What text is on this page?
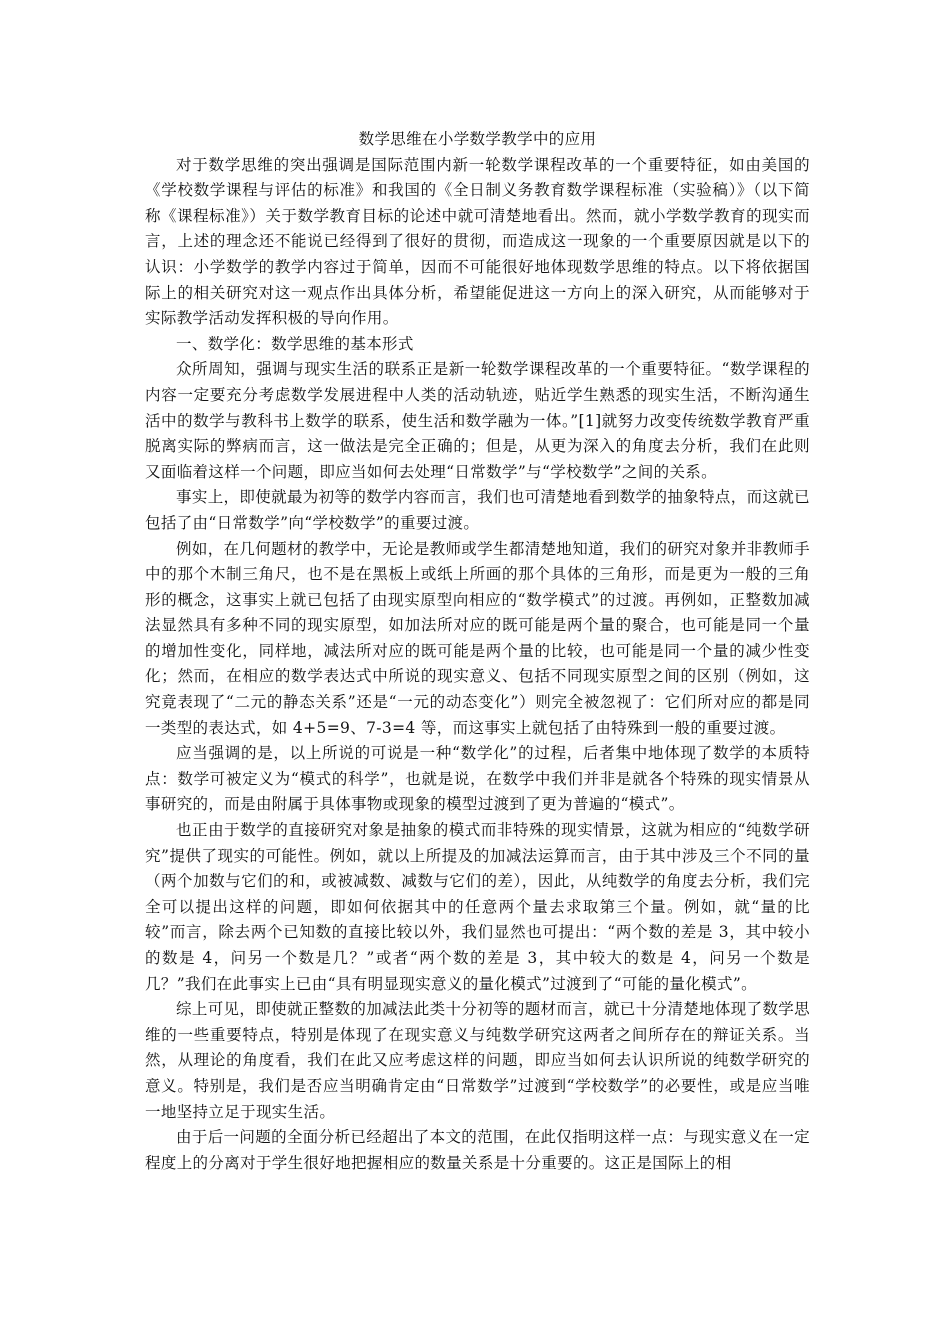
数学思维在小学数学教学中的应用

对于数学思维的突出强调是国际范围内新一轮数学课程改革的一个重要特征，如由美国的《学校数学课程与评估的标准》和我国的《全日制义务教育数学课程标准（实验稿）》（以下简称《课程标准》）关于数学教育目标的论述中就可清楚地看出。然而，就小学数学教育的现实而言，上述的理念还不能说已经得到了很好的贯彻，而造成这一现象的一个重要原因就是以下的认识：小学数学的教学内容过于简单，因而不可能很好地体现数学思维的特点。以下将依据国际上的相关研究对这一观点作出具体分析，希望能促进这一方向上的深入研究，从而能够对于实际教学活动发挥积极的导向作用。

一、数学化：数学思维的基本形式

众所周知，强调与现实生活的联系正是新一轮数学课程改革的一个重要特征。“数学课程的内容一定要充分考虑数学发展进程中人类的活动轨迹，贴近学生熟悉的现实生活，不断沟通生活中的数学与教科书上数学的联系，使生活和数学融为一体。”[1]就努力改变传统数学教育严重脱离实际的弊病而言，这一做法是完全正确的；但是，从更为深入的角度去分析，我们在此则又面临着这样一个问题，即应当如何去处理“日常数学”与“学校数学”之间的关系。

事实上，即使就最为初等的数学内容而言，我们也可清楚地看到数学的抽象特点，而这就已包括了由“日常数学”向“学校数学”的重要过渡。

例如，在几何题材的教学中，无论是教师或学生都清楚地知道，我们的研究对象并非教师手中的那个木制三角尺，也不是在黑板上或纸上所画的那个具体的三角形，而是更为一般的三角形的概念，这事实上就已包括了由现实原型向相应的“数学模式”的过渡。再例如，正整数加减法显然具有多种不同的现实原型，如加法所对应的既可能是两个量的聚合，也可能是同一个量的增加性变化，同样地，减法所对应的既可能是两个量的比较，也可能是同一个量的减少性变化；然而，在相应的数学表达式中所说的现实意义、包括不同现实原型之间的区别（例如，这究竟表现了“二元的静态关系”还是“一元的动态变化”）则完全被忽视了：它们所对应的都是同一类型的表达式，如 4+5=9、7-3=4 等，而这事实上就包括了由特殊到一般的重要过渡。

应当强调的是，以上所说的可说是一种“数学化”的过程，后者集中地体现了数学的本质特点：数学可被定义为“模式的科学”，也就是说，在数学中我们并非是就各个特殊的现实情景从事研究的，而是由附属于具体事物或现象的模型过渡到了更为普遍的“模式”。

也正由于数学的直接研究对象是抽象的模式而非特殊的现实情景，这就为相应的“纯数学研究”提供了现实的可能性。例如，就以上所提及的加减法运算而言，由于其中涉及三个不同的量（两个加数与它们的和，或被减数、减数与它们的差），因此，从纯数学的角度去分析，我们完全可以提出这样的问题，即如何依据其中的任意两个量去求取第三个量。例如，就“量的比较”而言，除去两个已知数的直接比较以外，我们显然也可提出：“两个数的差是 3，其中较小的数是 4，问另一个数是几？”或者“两个数的差是 3，其中较大的数是 4，问另一个数是几？”我们在此事实上已由“具有明显现实意义的量化模式”过渡到了“可能的量化模式”。

综上可见，即使就正整数的加减法此类十分初等的题材而言，就已十分清楚地体现了数学思维的一些重要特点，特别是体现了在现实意义与纯数学研究这两者之间所存在的辩证关系。当然，从理论的角度看，我们在此又应考虑这样的问题，即应当如何去认识所说的纯数学研究的意义。特别是，我们是否应当明确肯定由“日常数学”过渡到“学校数学”的必要性，或是应当唯一地坚持立足于现实生活。

由于后一问题的全面分析已经超出了本文的范围，在此仅指明这样一点：与现实意义在一定程度上的分离对于学生很好地把握相应的数量关系是十分重要的。这正是国际上的相
